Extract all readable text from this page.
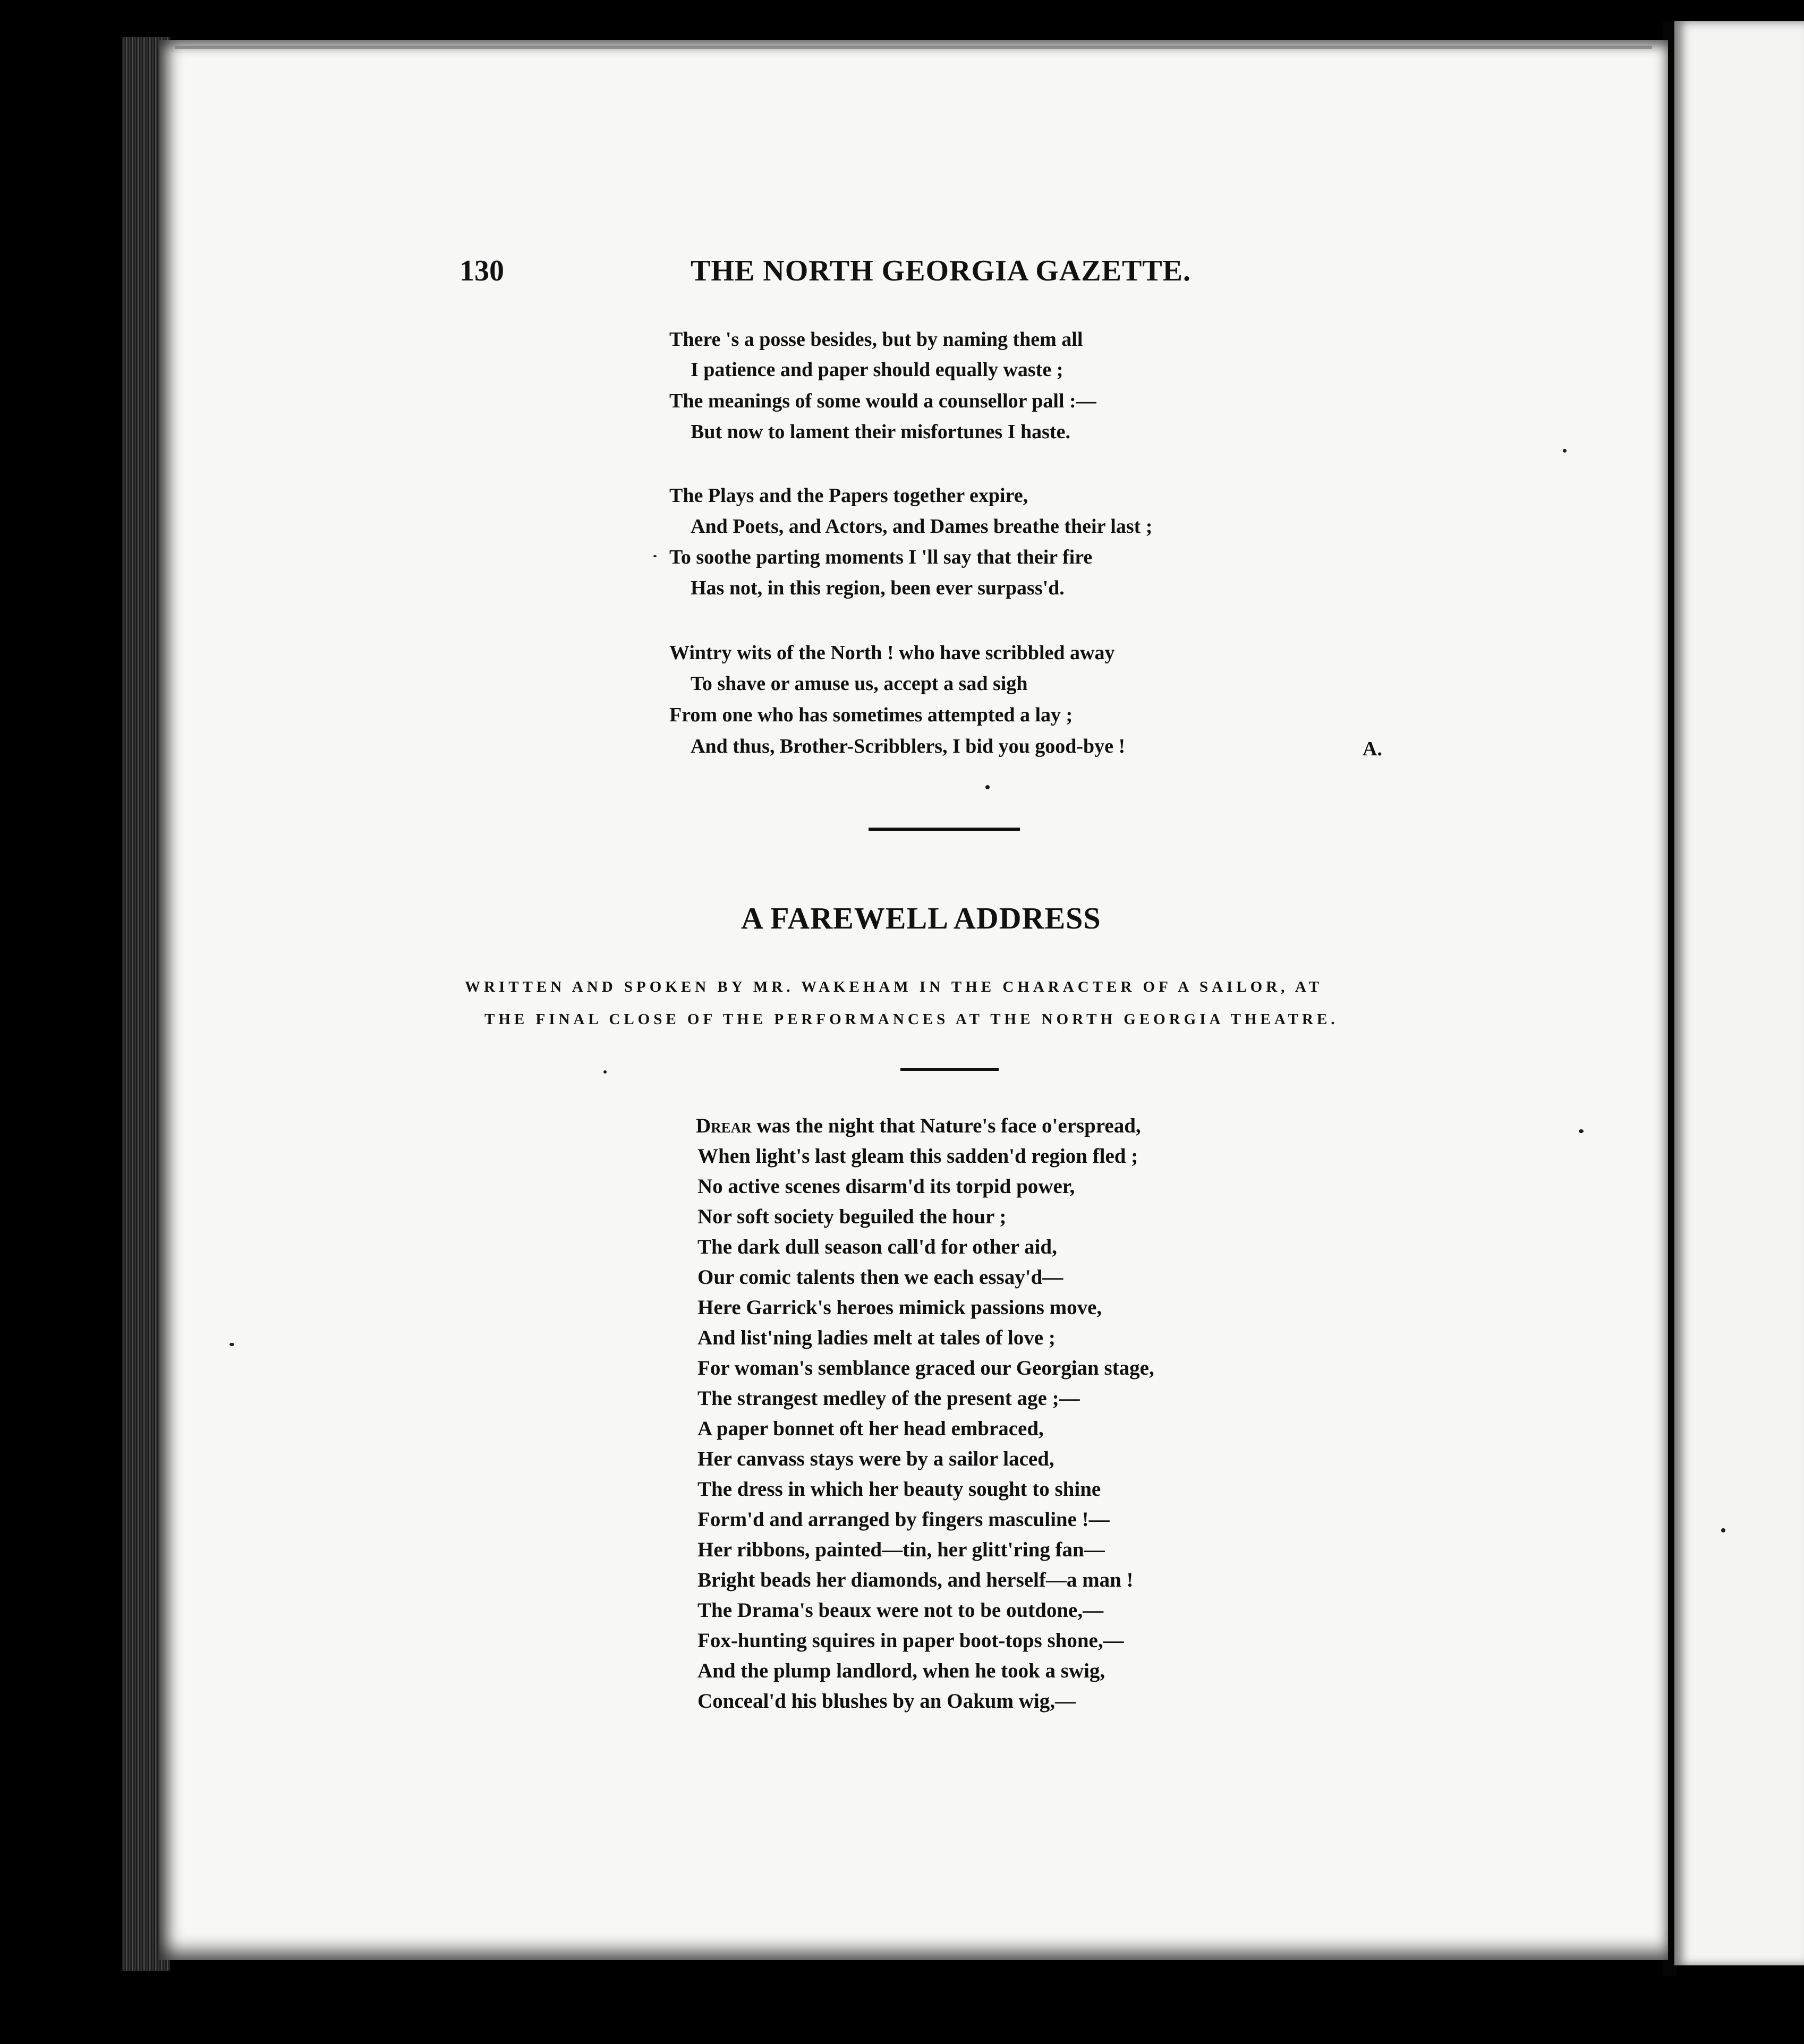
130	THE NORTH GEORGIA GAZETTE.
There 's a posse besides, but by naming them all
I patience and paper should equally waste ;
The meanings of some would a counsellor pall :—
But now to lament their misfortunes I haste.
The Plays and the Papers together expire,
And Poets, and Actors, and Dames breathe their last ;
To soothe parting moments I 'll say that their fire
Has not, in this region, been ever surpass'd.
Wintry wits of the North ! who have scribbled away
To shave or amuse us, accept a sad sigh
From one who has sometimes attempted a lay ;
And thus, Brother-Scribblers, I bid you good-bye !	A.
A FAREWELL ADDRESS
WRITTEN AND SPOKEN BY MR. WAKEHAM IN THE CHARACTER OF A SAILOR, AT
THE FINAL CLOSE OF THE PERFORMANCES AT THE NORTH GEORGIA THEATRE.
Drear was the night that Nature's face o'erspread,
When light's last gleam this sadden'd region fled ;
No active scenes disarm'd its torpid power,
Nor soft society beguiled the hour ;
The dark dull season call'd for other aid,
Our comic talents then we each essay'd—
Here Garrick's heroes mimick passions move,
And list'ning ladies melt at tales of love ;
For woman's semblance graced our Georgian stage,
The strangest medley of the present age ;—
A paper bonnet oft her head embraced,
Her canvass stays were by a sailor laced,
The dress in which her beauty sought to shine
Form'd and arranged by fingers masculine !—
Her ribbons, painted—tin, her glitt'ring fan—
Bright beads her diamonds, and herself—a man !
The Drama's beaux were not to be outdone,—
Fox-hunting squires in paper boot-tops shone,—
And the plump landlord, when he took a swig,
Conceal'd his blushes by an Oakum wig,—
